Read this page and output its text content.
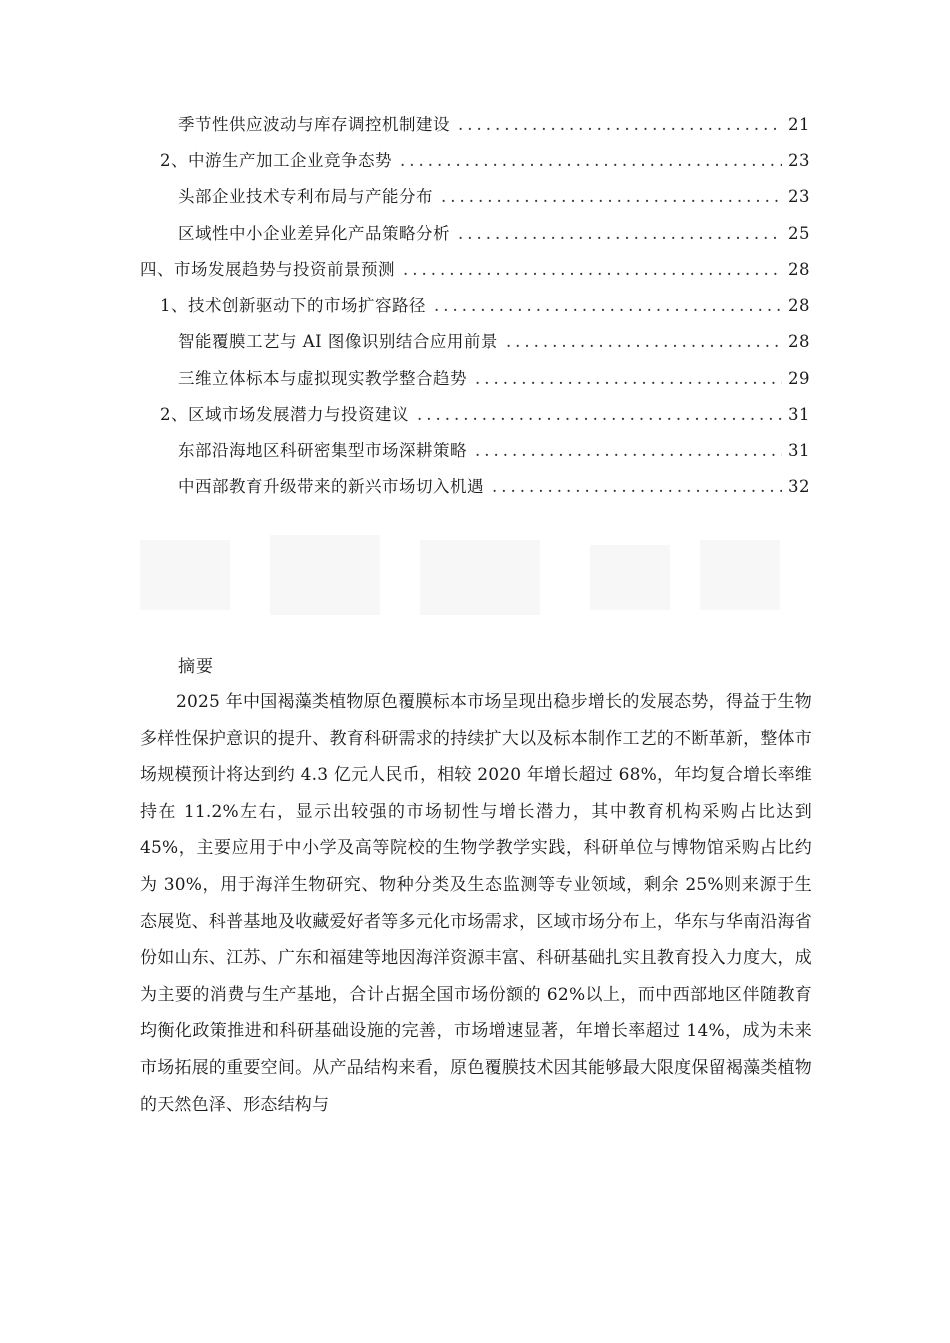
季节性供应波动与库存调控机制建设 .....	21
2、中游生产加工企业竞争态势 .....	23
头部企业技术专利布局与产能分布 .....	23
区域性中小企业差异化产品策略分析 .....	25
四、市场发展趋势与投资前景预测 .....	28
1、技术创新驱动下的市场扩容路径 .....	28
智能覆膜工艺与 AI 图像识别结合应用前景 .....	28
三维立体标本与虚拟现实教学整合趋势 .....	29
2、区域市场发展潜力与投资建议 .....	31
东部沿海地区科研密集型市场深耕策略 .....	31
中西部教育升级带来的新兴市场切入机遇 .....	32
摘要

2025 年中国褐藻类植物原色覆膜标本市场呈现出稳步增长的发展态势，得益于生物多样性保护意识的提升、教育科研需求的持续扩大以及标本制作工艺的不断革新，整体市场规模预计将达到约 4.3 亿元人民币，相较 2020 年增长超过 68%，年均复合增长率维持在 11.2%左右，显示出较强的市场韧性与增长潜力，其中教育机构采购占比达到 45%，主要应用于中小学及高等院校的生物学教学实践，科研单位与博物馆采购占比约为 30%，用于海洋生物研究、物种分类及生态监测等专业领域，剩余 25%则来源于生态展览、科普基地及收藏爱好者等多元化市场需求，区域市场分布上，华东与华南沿海省份如山东、江苏、广东和福建等地因海洋资源丰富、科研基础扎实且教育投入力度大，成为主要的消费与生产基地，合计占据全国市场份额的 62%以上，而中西部地区伴随教育均衡化政策推进和科研基础设施的完善，市场增速显著，年增长率超过 14%，成为未来市场拓展的重要空间。从产品结构来看，原色覆膜技术因其能够最大限度保留褐藻类植物的天然色泽、形态结构与
